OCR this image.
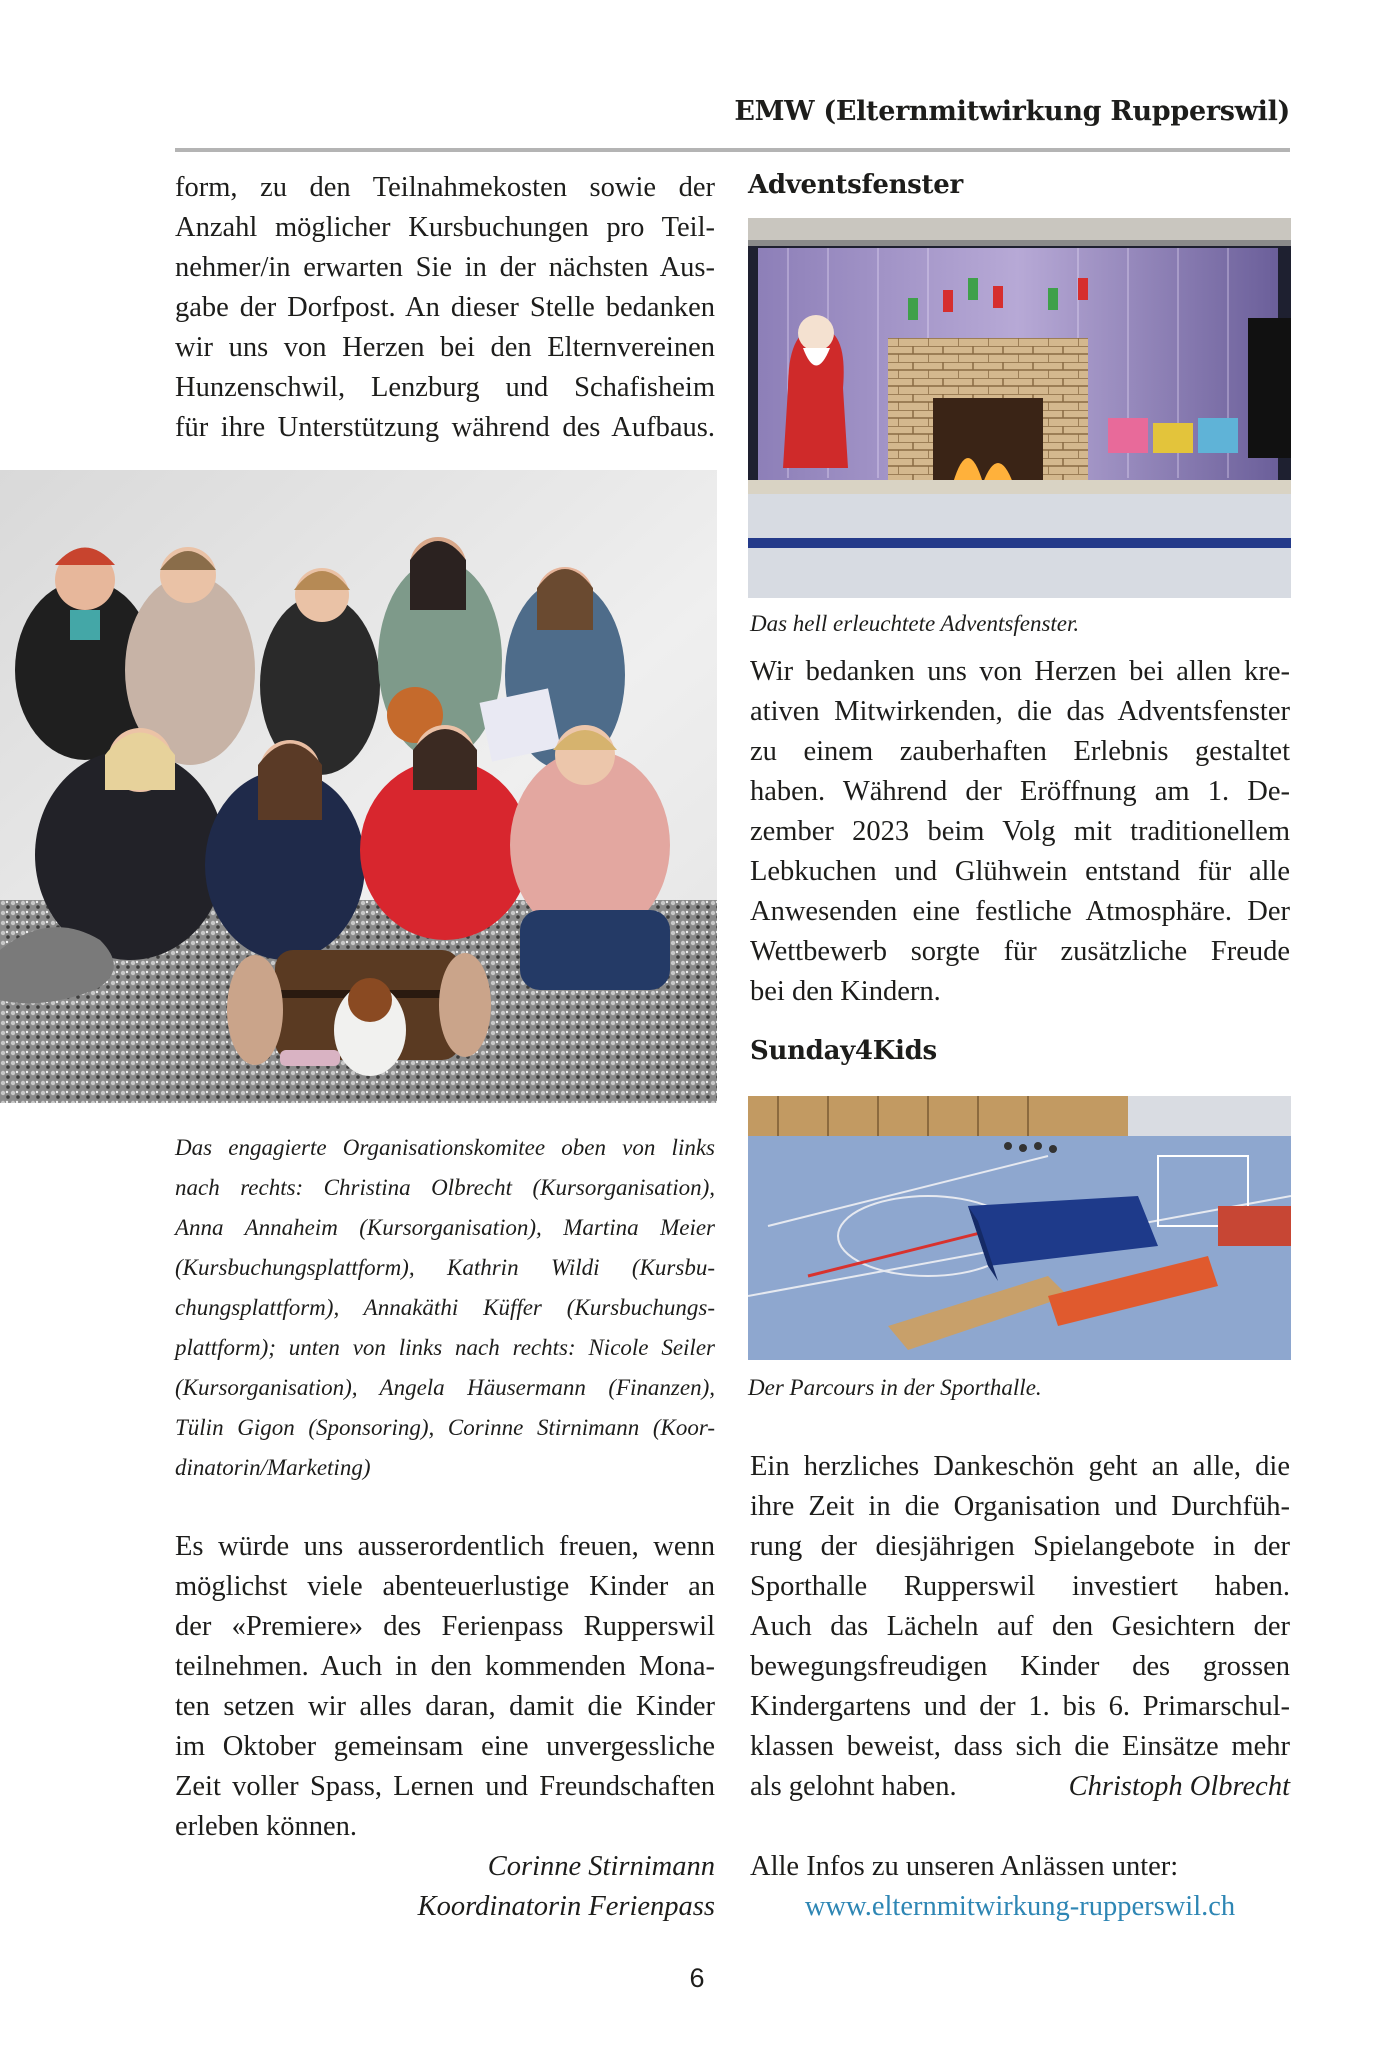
EMW (Elternmitwirkung Rupperswil)

form, zu den Teilnahmekosten sowie der

Anzahl möglicher Kursbuchungen pro Teil-

nehmer/in erwarten Sie in der nächsten Aus-

gabe der Dorfpost. An dieser Stelle bedanken

wir uns von Herzen bei den Elternvereinen

Hunzenschwil, Lenzburg und Schafisheim

für ihre Unterstützung während des Aufbaus.

Das engagierte Organisationskomitee oben von links
nach rechts: Christina Olbrecht (Kursorganisation),
Anna Annaheim (Kursorganisation), Martina Meier
(Kursbuchungsplattform), Kathrin Wildi (Kursbu-
chungsplattform), Annakäthi Küffer (Kursbuchungs-
plattform); unten von links nach rechts: Nicole Seiler
(Kursorganisation), Angela Häusermann (Finanzen),
Tülin Gigon (Sponsoring), Corinne Stirnimann (Koor-
dinatorin/Marketing)

Es würde uns ausserordentlich freuen, wenn

möglichst viele abenteuerlustige Kinder an

der «Premiere» des Ferienpass Rupperswil

teilnehmen. Auch in den kommenden Mona-

ten setzen wir alles daran, damit die Kinder

im Oktober gemeinsam eine unvergessliche

Zeit voller Spass, Lernen und Freundschaften

erleben können.

Corinne Stirnimann
Koordinatorin Ferienpass
Adventsfenster
Das hell erleuchtete Adventsfenster.

Wir bedanken uns von Herzen bei allen kre-

ativen Mitwirkenden, die das Adventsfenster

zu einem zauberhaften Erlebnis gestaltet

haben. Während der Eröffnung am 1. De-

zember 2023 beim Volg mit traditionellem

Lebkuchen und Glühwein entstand für alle

Anwesenden eine festliche Atmosphäre. Der

Wettbewerb sorgte für zusätzliche Freude

bei den Kindern.

Sunday4Kids
Der Parcours in der Sporthalle.

Ein herzliches Dankeschön geht an alle, die

ihre Zeit in die Organisation und Durchfüh-

rung der diesjährigen Spielangebote in der

Sporthalle Rupperswil investiert haben.

Auch das Lächeln auf den Gesichtern der

bewegungsfreudigen Kinder des grossen

Kindergartens und der 1. bis 6. Primarschul-

klassen beweist, dass sich die Einsätze mehr

als gelohnt haben.	Christoph Olbrecht

Alle Infos zu unseren Anlässen unter:
www.elternmitwirkung-rupperswil.ch
6
